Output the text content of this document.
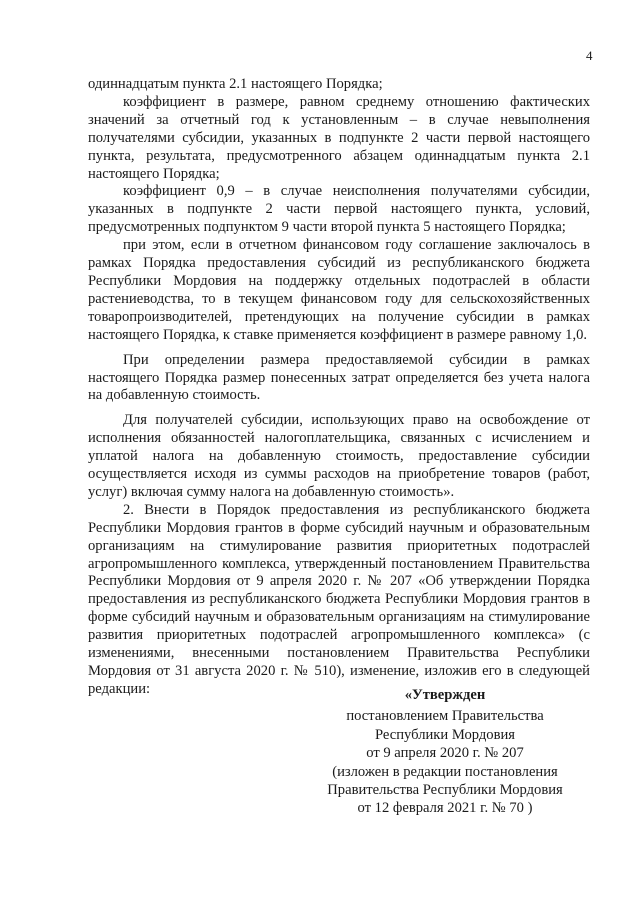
4

одиннадцатым пункта 2.1 настоящего Порядка;

коэффициент в размере, равном среднему отношению фактических значений за отчетный год к установленным – в случае невыполнения получателями субсидии, указанных в подпункте 2 части первой настоящего пункта, результата, предусмотренного абзацем одиннадцатым пункта 2.1 настоящего Порядка;

коэффициент 0,9 – в случае неисполнения получателями субсидии, указанных в подпункте 2 части первой настоящего пункта, условий, предусмотренных подпунктом 9 части второй пункта 5 настоящего Порядка;

при этом, если в отчетном финансовом году соглашение заключалось в рамках Порядка предоставления субсидий из республиканского бюджета Республики Мордовия на поддержку отдельных подотраслей в области растениеводства, то в текущем финансовом году для сельскохозяйственных товаропроизводителей, претендующих на получение субсидии в рамках настоящего Порядка, к ставке применяется коэффициент в размере равному 1,0.

При определении размера предоставляемой субсидии в рамках настоящего Порядка размер понесенных затрат определяется без учета налога на добавленную стоимость.

Для получателей субсидии, использующих право на освобождение от исполнения обязанностей налогоплательщика, связанных с исчислением и уплатой налога на добавленную стоимость, предоставление субсидии осуществляется исходя из суммы расходов на приобретение товаров (работ, услуг) включая сумму налога на добавленную стоимость».

2. Внести в Порядок предоставления из республиканского бюджета Республики Мордовия грантов в форме субсидий научным и образовательным организациям на стимулирование развития приоритетных подотраслей агропромышленного комплекса, утвержденный постановлением Правительства Республики Мордовия от 9 апреля 2020 г. № 207 «Об утверждении Порядка предоставления из республиканского бюджета Республики Мордовия грантов в форме субсидий научным и образовательным организациям на стимулирование развития приоритетных подотраслей агропромышленного комплекса» (с изменениями, внесенными постановлением Правительства Республики Мордовия от 31 августа 2020 г. № 510), изменение, изложив его в следующей редакции:	«Утвержден
постановлением Правительства
Республики Мордовия
от 9 апреля 2020 г. № 207
(изложен в редакции постановления
Правительства Республики Мордовия
от 12 февраля 2021 г. № 70 )
